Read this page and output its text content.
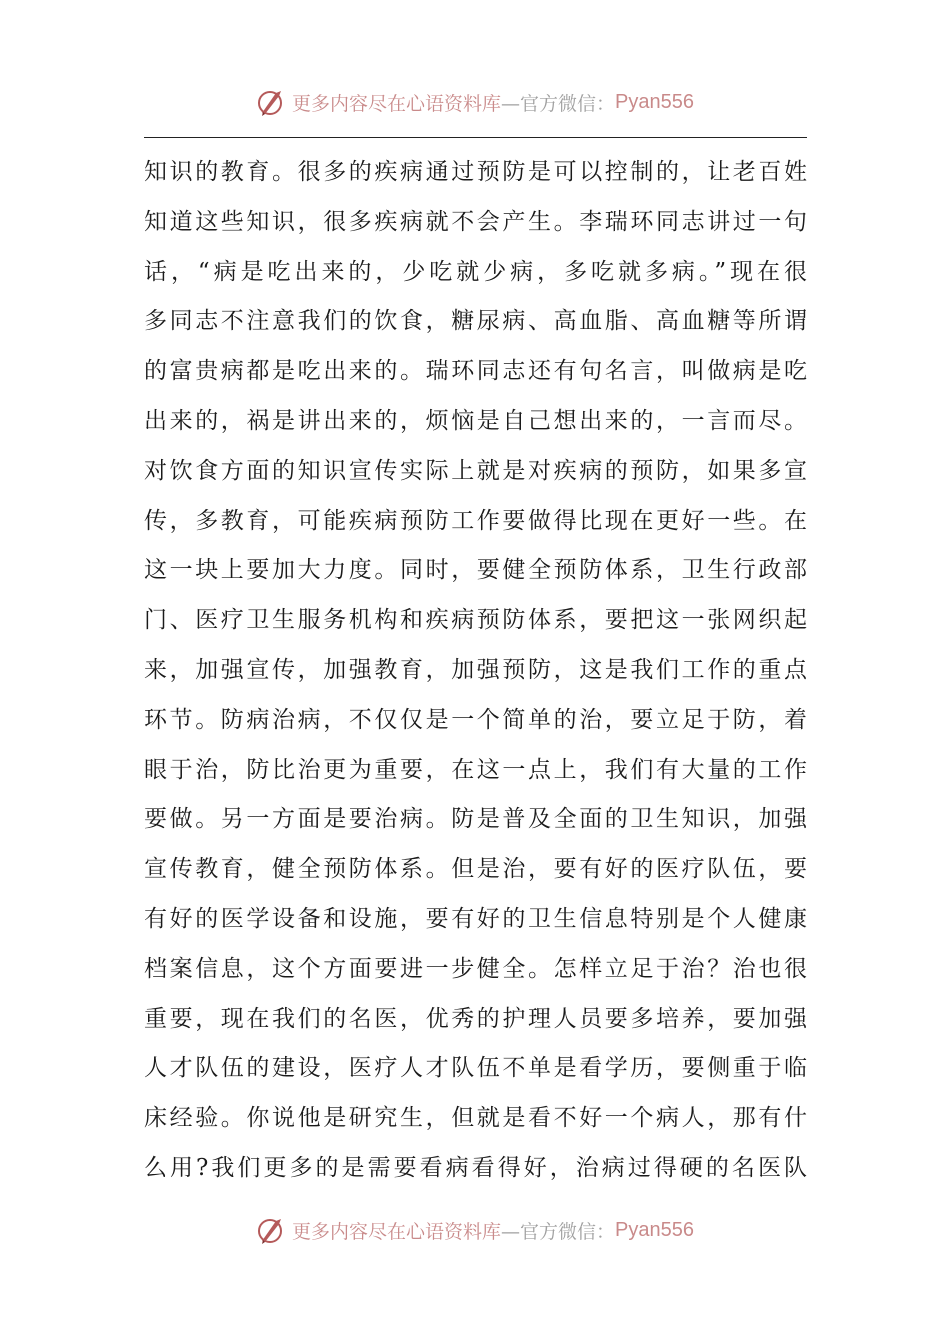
更多内容尽在心语资料库 —官方微信： Pyan556
知识的教育。很多的疾病通过预防是可以控制的，让老百姓
知道这些知识，很多疾病就不会产生。李瑞环同志讲过一句
话，“病是吃出来的，少吃就少病，多吃就多病。”现在很
多同志不注意我们的饮食，糖尿病、高血脂、高血糖等所谓
的富贵病都是吃出来的。瑞环同志还有句名言，叫做病是吃
出来的，祸是讲出来的，烦恼是自己想出来的，一言而尽。
对饮食方面的知识宣传实际上就是对疾病的预防，如果多宣
传，多教育，可能疾病预防工作要做得比现在更好一些。在
这一块上要加大力度。同时，要健全预防体系，卫生行政部
门、医疗卫生服务机构和疾病预防体系，要把这一张网织起
来，加强宣传，加强教育，加强预防，这是我们工作的重点
环节。防病治病，不仅仅是一个简单的治，要立足于防，着
眼于治，防比治更为重要，在这一点上，我们有大量的工作
要做。另一方面是要治病。防是普及全面的卫生知识，加强
宣传教育，健全预防体系。但是治，要有好的医疗队伍，要
有好的医学设备和设施，要有好的卫生信息特别是个人健康
档案信息，这个方面要进一步健全。怎样立足于治？治也很
重要，现在我们的名医，优秀的护理人员要多培养，要加强
人才队伍的建设，医疗人才队伍不单是看学历，要侧重于临
床经验。你说他是研究生，但就是看不好一个病人，那有什
么用?我们更多的是需要看病看得好，治病过得硬的名医队
更多内容尽在心语资料库 —官方微信： Pyan556
